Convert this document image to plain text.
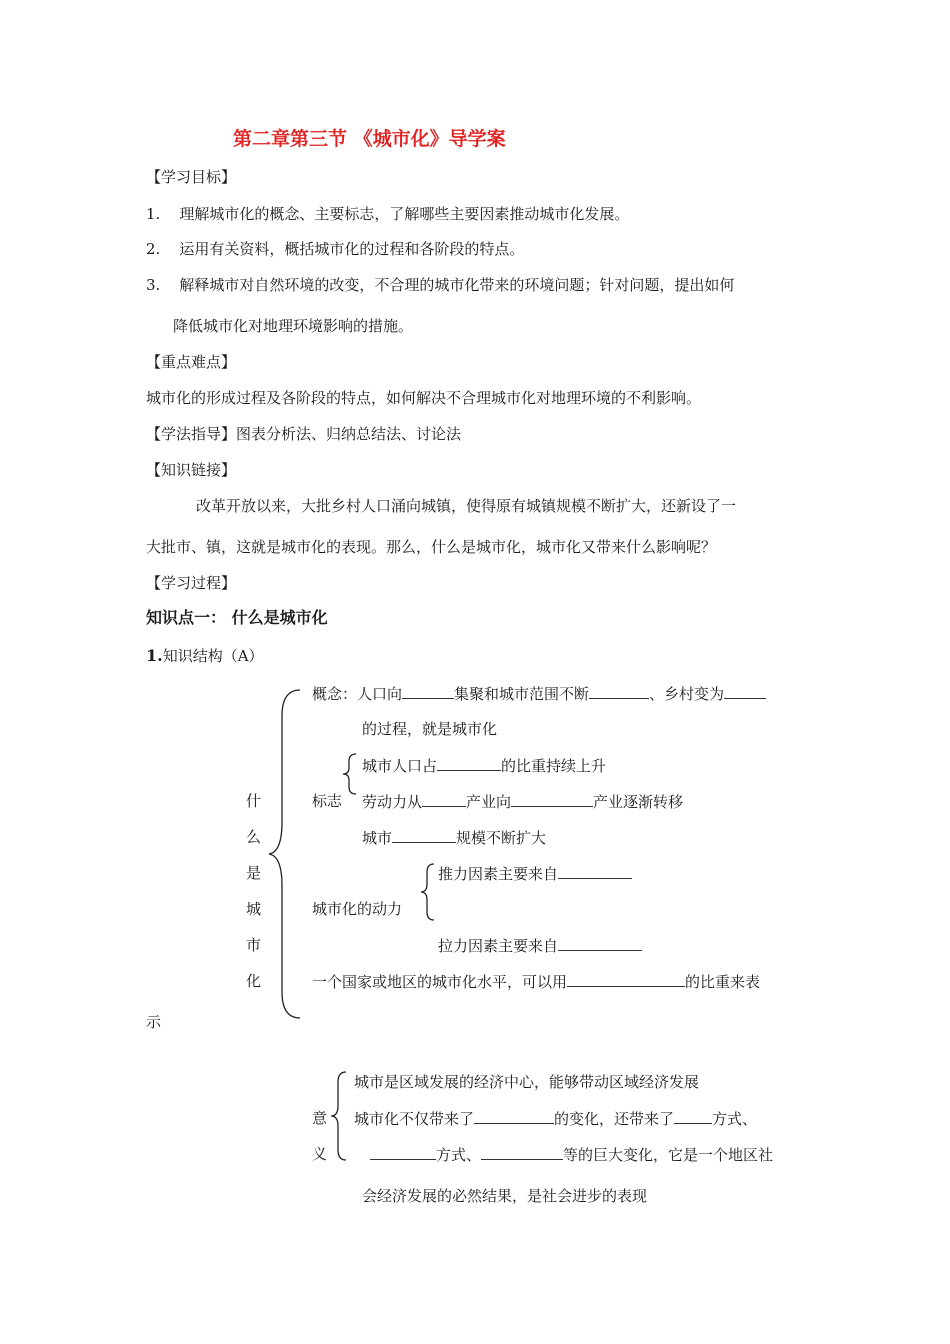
第二章第三节 《城市化》导学案
【学习目标】
1. 理解城市化的概念、主要标志，了解哪些主要因素推动城市化发展。
2. 运用有关资料，概括城市化的过程和各阶段的特点。
3. 解释城市对自然环境的改变，不合理的城市化带来的环境问题；针对问题，提出如何
降低城市化对地理环境影响的措施。
【重点难点】
城市化的形成过程及各阶段的特点，如何解决不合理城市化对地理环境的不利影响。
【学法指导】图表分析法、归纳总结法、讨论法
【知识链接】
改革开放以来，大批乡村人口涌向城镇，使得原有城镇规模不断扩大，还新设了一
大批市、镇，这就是城市化的表现。那么，什么是城市化，城市化又带来什么影响呢？
【学习过程】
知识点一： 什么是城市化
1.知识结构（A）
什
么
是
城
市
化
概念：人口向	集聚和城市范围不断	、乡村变为
的过程，就是城市化
城市人口占	的比重持续上升
标志 劳动力从	产业向	产业逐渐转移
城市	规模不断扩大
推力因素主要来自
城市化的动力
拉力因素主要来自
一个国家或地区的城市化水平，可以用	的比重来表
示
意
义
城市是区域发展的经济中心，能够带动区域经济发展
城市化不仅带来了	的变化，还带来了	方式、
方式、	等的巨大变化，它是一个地区社
会经济发展的必然结果，是社会进步的表现
